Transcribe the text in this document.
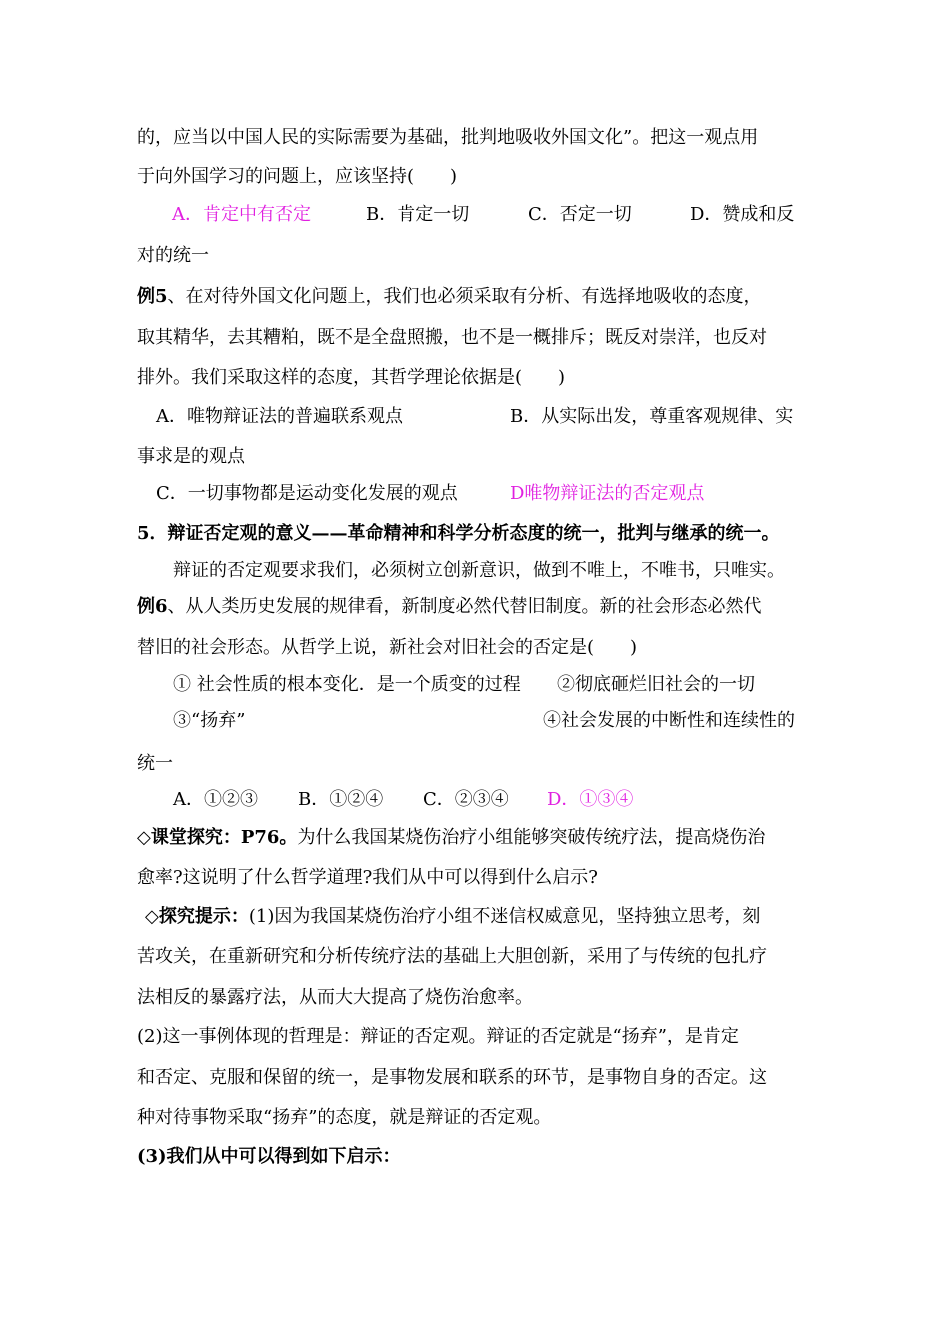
的，应当以中国人民的实际需要为基础，批判地吸收外国文化”。把这一观点用
于向外国学习的问题上，应该坚持(　　)
A．肯定中有否定	B．肯定一切	C．否定一切	D．赞成和反
对的统一
例5、在对待外国文化问题上，我们也必须采取有分析、有选择地吸收的态度，
取其精华，去其糟粕，既不是全盘照搬，也不是一概排斥；既反对崇洋，也反对
排外。我们采取这样的态度，其哲学理论依据是(　　)
A．唯物辩证法的普遍联系观点	B．从实际出发，尊重客观规律、实
事求是的观点
C．一切事物都是运动变化发展的观点	D唯物辩证法的否定观点
5．辩证否定观的意义——革命精神和科学分析态度的统一，批判与继承的统一。
辩证的否定观要求我们，必须树立创新意识，做到不唯上，不唯书，只唯实。
例6、从人类历史发展的规律看，新制度必然代替旧制度。新的社会形态必然代
替旧的社会形态。从哲学上说，新社会对旧社会的否定是(　　)
① 社会性质的根本变化．是一个质变的过程 ②彻底砸烂旧社会的一切
③“扬弃”	④社会发展的中断性和连续性的
统一
A．①②③ B．①②④ C．②③④ D．①③④
◇课堂探究：P76。为什么我国某烧伤治疗小组能够突破传统疗法，提高烧伤治
愈率?这说明了什么哲学道理?我们从中可以得到什么启示?
◇探究提示：(1)因为我国某烧伤治疗小组不迷信权威意见，坚持独立思考，刻
苦攻关，在重新研究和分析传统疗法的基础上大胆创新，采用了与传统的包扎疗
法相反的暴露疗法，从而大大提高了烧伤治愈率。
(2)这一事例体现的哲理是：辩证的否定观。辩证的否定就是“扬弃”，是肯定
和否定、克服和保留的统一，是事物发展和联系的环节，是事物自身的否定。这
种对待事物采取“扬弃”的态度，就是辩证的否定观。
(3)我们从中可以得到如下启示：
